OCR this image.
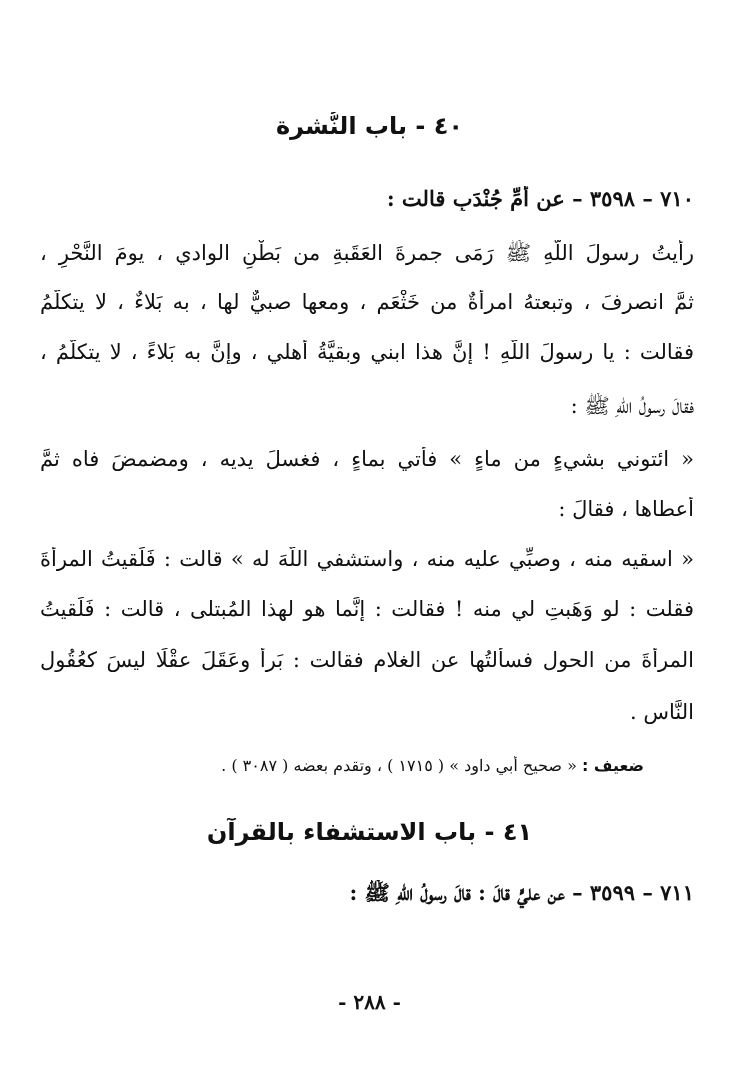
٤٠ - باب النُّشرة
٧١٠ – ٣٥٩٨ – عن أمِّ جُنْدَبٍ قالت :
رأيتُ رسولَ اللّهِ ﷺ رَمَى جمرةَ العَقَبةِ من بَطْنِ الوادي ، يومَ النَّحْرِ ،
ثمَّ انصرفَ ، وتبعتهُ امرأةٌ من خَثْعَمٍ ، ومعها صبيٌّ لها ، به بَلاءٌ ، لا يتكلَّمُ
فقالت : يا رسولَ اللّهِ ! إنَّ هذا ابني وبقيَّةُ أهلي ، وإنَّ به بَلاءً ، لا يتكلَّمُ ،
فقالَ رسولُ اللّهِ ﷺ :
« ائتوني بشيءٍ من ماءٍ » فأُتي بماءٍ ، فغسلَ يديه ، ومضمضَ فاه ثمَّ
أعطاها ، فقالَ :
« اسقيه منه ، وصبِّي عليه منه ، واستشفي اللّهَ له » قالت : فَلَقيتُ المرأةَ
فقلت : لو وَهَبتِ لي منه ! فقالت : إنَّما هو لهذا المُبتلى ، قالت : فَلَقيتُ
المرأةَ من الحولِ فسألتُها عن الغلامِ فقالت : بَرأَ وعَقَلَ عقْلًا ليسَ كعُقُولِ
النَّاسِ .
ضعيف : « صحيح أبي داود » ( ١٧١٥ ) ، وتقدم بعضه ( ٣٠٨٧ ) .
٤١ - باب الاستشفاء بالقرآن
٧١١ – ٣٥٩٩ – عن عليٍّ قالَ : قالَ رسولُ اللّهِ ﷺ :
- ٢٨٨ -
